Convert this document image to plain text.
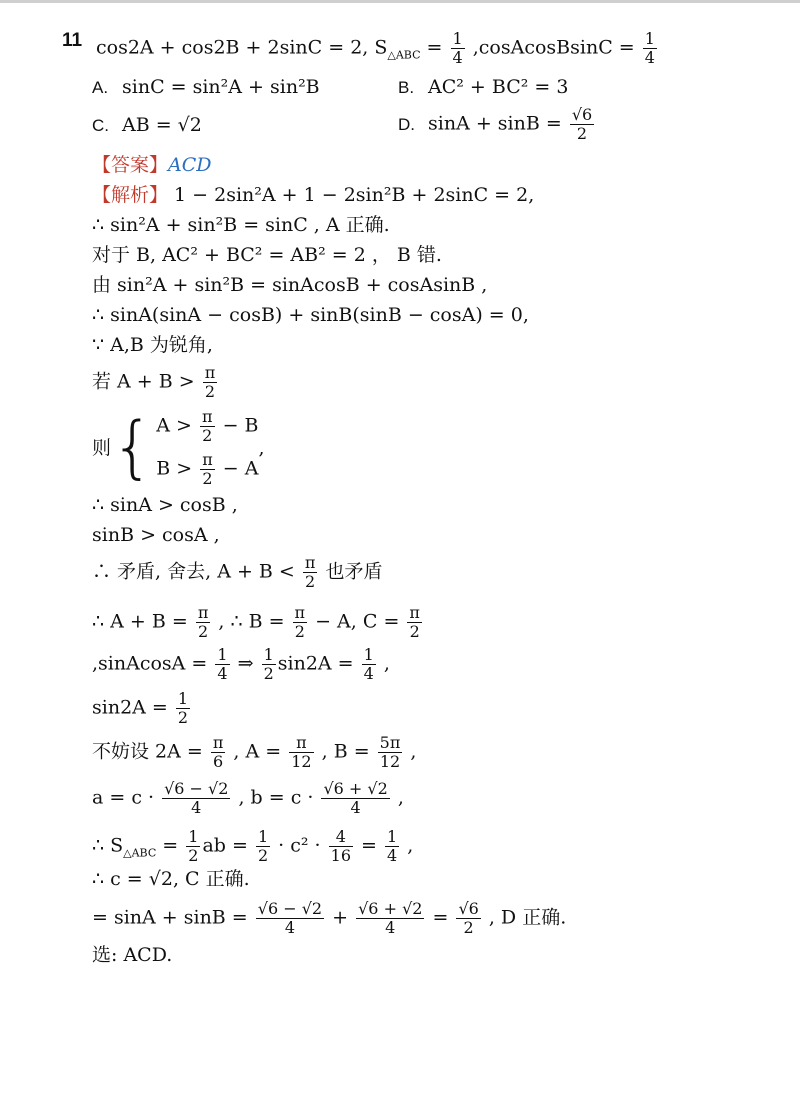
11 cos2A + cos2B + 2sinC = 2, $S_{\triangle ABC} = \frac{1}{4}$ ,cosAcosBsinC = $\frac{1}{4}$
A. sinC = sin²A + sin²B	B. AC² + BC² = 3
C. AB = √2	D. $\sin A + \sin B = \frac{√6}{2}$
【答案】ACD
【解析】 1 − 2sin²A + 1 − 2sin²B + 2sinC = 2,
∴ sin²A + sin²B = sinC , A 正确.
对于 B, AC² + BC² = AB² = 2 ， B 错.
由 sin²A + sin²B = sinAcosB + cosAsinB ,
∴ sinA(sinA − cosB) + sinB(sinB − cosA) = 0,
∵ A,B 为锐角,
若 $A + B > \frac{\pi}{2}$
则 { $A > \frac{\pi}{2} - B$
$B > \frac{\pi}{2} - A$
,
∴ sinA > cosB ,
sinB > cosA ,
∴ 矛盾, 舍去, $A + B < \frac{\pi}{2}$ 也矛盾
∴ $A + B = \frac{\pi}{2}$ , ∴ $B = \frac{\pi}{2} - A$, $C = \frac{\pi}{2}$
,sinAcosA = $\frac{1}{4}$ ⇒ $\frac{1}{2} \sin 2A = \frac{1}{4}$ ,
$\sin 2A = \frac{1}{2}$
不妨设 $2A = \frac{\pi}{6}$ , $A = \frac{\pi}{12}$ , $B = \frac{5\pi}{12}$ ,
$a = c \cdot \frac{√6 - √2}{4}$ , $b = c \cdot \frac{√6 + √2}{4}$ ,
∴ $S_{\triangle ABC} = \frac{1}{2}$ ab = $\frac{1}{2} \cdot c^2 \cdot \frac{4}{16} = \frac{1}{4}$ ,
∴ c = √2, C 正确.
= $\sin A + \sin B = \frac{√6 - √2}{4} + \frac{√6 + √2}{4} = \frac{√6}{2}$ , D 正确.
选: ACD.
